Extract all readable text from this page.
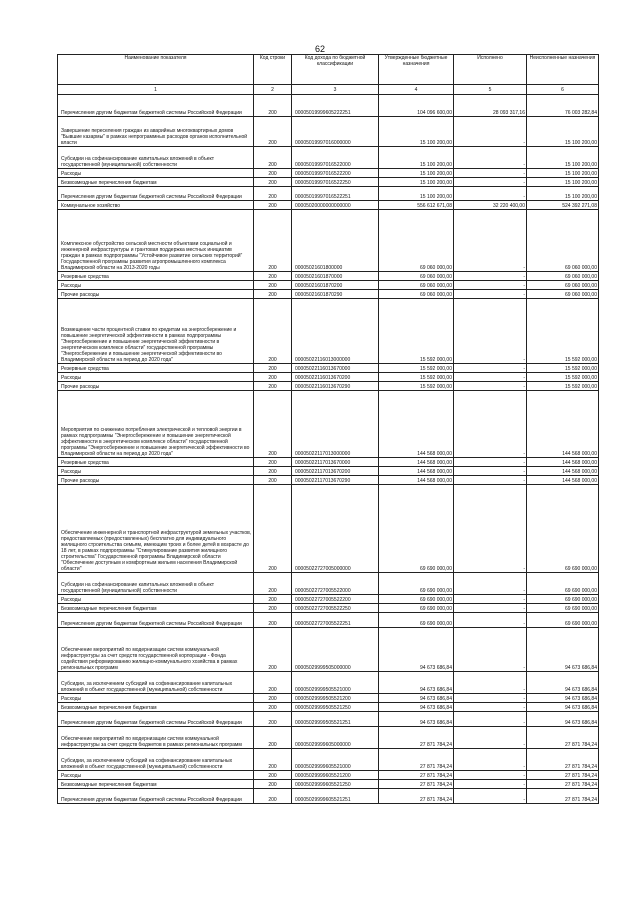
62
Наименование показателя	Код строки	Код дохода по бюджетной классификации	Утвержденные бюджетные назначения	Исполнено	Неисполненные назначения
1	2	3	4	5	6
Перечисления другим бюджетам бюджетной системы Российской Федерации	200	00005019999605222251	104 096 600,00	28 093 317,16	76 003 282,84
Завершение переселения граждан из аварийных многоквартирных домов "Бывшие казармы" в рамках непрограммных расходов органов исполнительной власти	200	00005019997016000000	15 100 200,00	-	15 100 200,00
Субсидии на софинансирование капитальных вложений в объект государственной (муниципальной) собственности	200	00005019997016522000	15 100 200,00	-	15 100 200,00
Расходы	200	00005019997016522200	15 100 200,00	-	15 100 200,00
Безвозмездные перечисления бюджетам	200	00005019997016522250	15 100 200,00	-	15 100 200,00
Перечисления другим бюджетам бюджетной системы Российской Федерации	200	00005019997016522251	15 100 200,00	-	15 100 200,00
Коммунальное хозяйство	200	00005020000000000000	556 612 671,08	32 220 400,00	524 392 271,08
Комплексное обустройство сельской местности объектами социальной и инженерной инфраструктуры и грантовая поддержка местных инициатив граждан в рамках подпрограммы "Устойчивое развитие сельских территорий" Государственной программы развития агропромышленного комплекса Владимирской области на 2013-2020 годы	200	00005021601800000	69 060 000,00	-	69 060 000,00
Резервные средства	200	00005021601870000	69 060 000,00	-	69 060 000,00
Расходы	200	00005021601870200	69 060 000,00	-	69 060 000,00
Прочие расходы	200	00005021601870290	69 060 000,00	-	69 060 000,00
Возмещение части процентной ставки по кредитам на энергосбережение и повышение энергетической эффективности в рамках подпрограммы "Энергосбережение и повышение энергетической эффективности в энергетическом комплексе области" государственной программы "Энергосбережение и повышение энергетической эффективности во Владимирской области на период до 2020 года"	200	00005022116013000000	15 592 000,00	-	15 592 000,00
Резервные средства	200	00005022116013670000	15 592 000,00	-	15 592 000,00
Расходы	200	00005022116013670200	15 592 000,00	-	15 592 000,00
Прочие расходы	200	00005022116013670290	15 592 000,00	-	15 592 000,00
Мероприятия по снижению потребления электрической и тепловой энергии в рамках подпрограммы "Энергосбережение и повышение энергетической эффективности в энергетическом комплексе области" государственной программы "Энергосбережение и повышение энергетической эффективности во Владимирской области на период до 2020 года"	200	00005022117013000000	144 568 000,00	-	144 568 000,00
Резервные средства	200	00005022117013670000	144 568 000,00	-	144 568 000,00
Расходы	200	00005022117013670200	144 568 000,00	-	144 568 000,00
Прочие расходы	200	00005022117013670290	144 568 000,00	-	144 568 000,00
Обеспечение инженерной и транспортной инфраструктурой земельных участков, предоставляемых (предоставленных) бесплатно для индивидуального жилищного строительства семьям, имеющим троих и более детей в возрасте до 18 лет, в рамках подпрограммы "Стимулирование развития жилищного строительства" Государственной программы Владимирской области "Обеспечение доступным и комфортным жильем населения Владимирской области"	200	00005022727005000000	69 690 000,00	-	69 690 000,00
Субсидии на софинансирование капитальных вложений в объект государственной (муниципальной) собственности	200	00005022727005522000	69 690 000,00	-	69 690 000,00
Расходы	200	00005022727005522200	69 690 000,00	-	69 690 000,00
Безвозмездные перечисления бюджетам	200	00005022727005522250	69 690 000,00	-	69 690 000,00
Перечисления другим бюджетам бюджетной системы Российской Федерации	200	00005022727005522251	69 690 000,00	-	69 690 000,00
Обеспечение мероприятий по модернизации систем коммунальной инфраструктуры за счет средств государственной корпорации - Фонда содействия реформированию жилищно-коммунального хозяйства в рамках региональных программ	200	00005029999505000000	94 673 686,84	-	94 673 686,84
Субсидии, за исключением субсидий на софинансирование капитальных вложений в объект государственной (муниципальной) собственности	200	00005029999505521000	94 673 686,84	-	94 673 686,84
Расходы	200	00005029999505521200	94 673 686,84	-	94 673 686,84
Безвозмездные перечисления бюджетам	200	00005029999505521250	94 673 686,84	-	94 673 686,84
Перечисления другим бюджетам бюджетной системы Российской Федерации	200	00005029999505521251	94 673 686,84	-	94 673 686,84
Обеспечение мероприятий по модернизации систем коммунальной инфраструктуры за счет средств бюджетов в рамках региональных программ	200	00005029999605000000	27 871 784,24	-	27 871 784,24
Субсидии, за исключением субсидий на софинансирование капитальных вложений в объект государственной (муниципальной) собственности	200	00005029999605521000	27 871 784,24	-	27 871 784,24
Расходы	200	00005029999605521200	27 871 784,24	-	27 871 784,24
Безвозмездные перечисления бюджетам	200	00005029999605521250	27 871 784,24	-	27 871 784,24
Перечисления другим бюджетам бюджетной системы Российской Федерации	200	00005029999605521251	27 871 784,24	-	27 871 784,24
